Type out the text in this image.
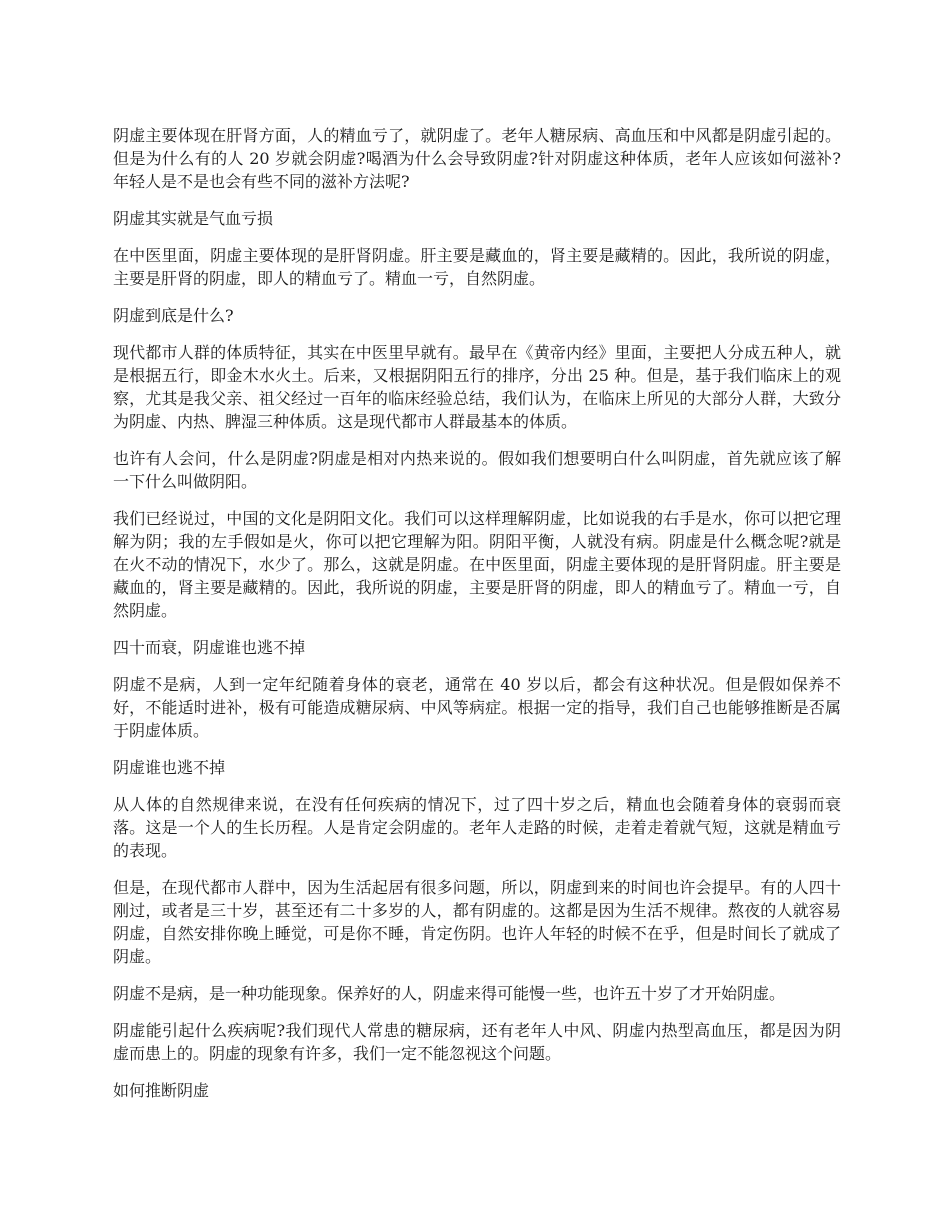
阴虚主要体现在肝肾方面，人的精血亏了，就阴虚了。老年人糖尿病、高血压和中风都是阴虚引起的。但是为什么有的人 20 岁就会阴虚?喝酒为什么会导致阴虚?针对阴虚这种体质，老年人应该如何滋补?年轻人是不是也会有些不同的滋补方法呢?

阴虚其实就是气血亏损

在中医里面，阴虚主要体现的是肝肾阴虚。肝主要是藏血的，肾主要是藏精的。因此，我所说的阴虚，主要是肝肾的阴虚，即人的精血亏了。精血一亏，自然阴虚。

阴虚到底是什么?

现代都市人群的体质特征，其实在中医里早就有。最早在《黄帝内经》里面，主要把人分成五种人，就是根据五行，即金木水火土。后来，又根据阴阳五行的排序，分出 25 种。但是，基于我们临床上的观察，尤其是我父亲、祖父经过一百年的临床经验总结，我们认为，在临床上所见的大部分人群，大致分为阴虚、内热、脾湿三种体质。这是现代都市人群最基本的体质。

也许有人会问，什么是阴虚?阴虚是相对内热来说的。假如我们想要明白什么叫阴虚，首先就应该了解一下什么叫做阴阳。

我们已经说过，中国的文化是阴阳文化。我们可以这样理解阴虚，比如说我的右手是水，你可以把它理解为阴；我的左手假如是火，你可以把它理解为阳。阴阳平衡，人就没有病。阴虚是什么概念呢?就是在火不动的情况下，水少了。那么，这就是阴虚。在中医里面，阴虚主要体现的是肝肾阴虚。肝主要是藏血的，肾主要是藏精的。因此，我所说的阴虚，主要是肝肾的阴虚，即人的精血亏了。精血一亏，自然阴虚。

四十而衰，阴虚谁也逃不掉

阴虚不是病，人到一定年纪随着身体的衰老，通常在 40 岁以后，都会有这种状况。但是假如保养不好，不能适时进补，极有可能造成糖尿病、中风等病症。根据一定的指导，我们自己也能够推断是否属于阴虚体质。

阴虚谁也逃不掉

从人体的自然规律来说，在没有任何疾病的情况下，过了四十岁之后，精血也会随着身体的衰弱而衰落。这是一个人的生长历程。人是肯定会阴虚的。老年人走路的时候，走着走着就气短，这就是精血亏的表现。

但是，在现代都市人群中，因为生活起居有很多问题，所以，阴虚到来的时间也许会提早。有的人四十刚过，或者是三十岁，甚至还有二十多岁的人，都有阴虚的。这都是因为生活不规律。熬夜的人就容易阴虚，自然安排你晚上睡觉，可是你不睡，肯定伤阴。也许人年轻的时候不在乎，但是时间长了就成了阴虚。

阴虚不是病，是一种功能现象。保养好的人，阴虚来得可能慢一些，也许五十岁了才开始阴虚。

阴虚能引起什么疾病呢?我们现代人常患的糖尿病，还有老年人中风、阴虚内热型高血压，都是因为阴虚而患上的。阴虚的现象有许多，我们一定不能忽视这个问题。

如何推断阴虚
